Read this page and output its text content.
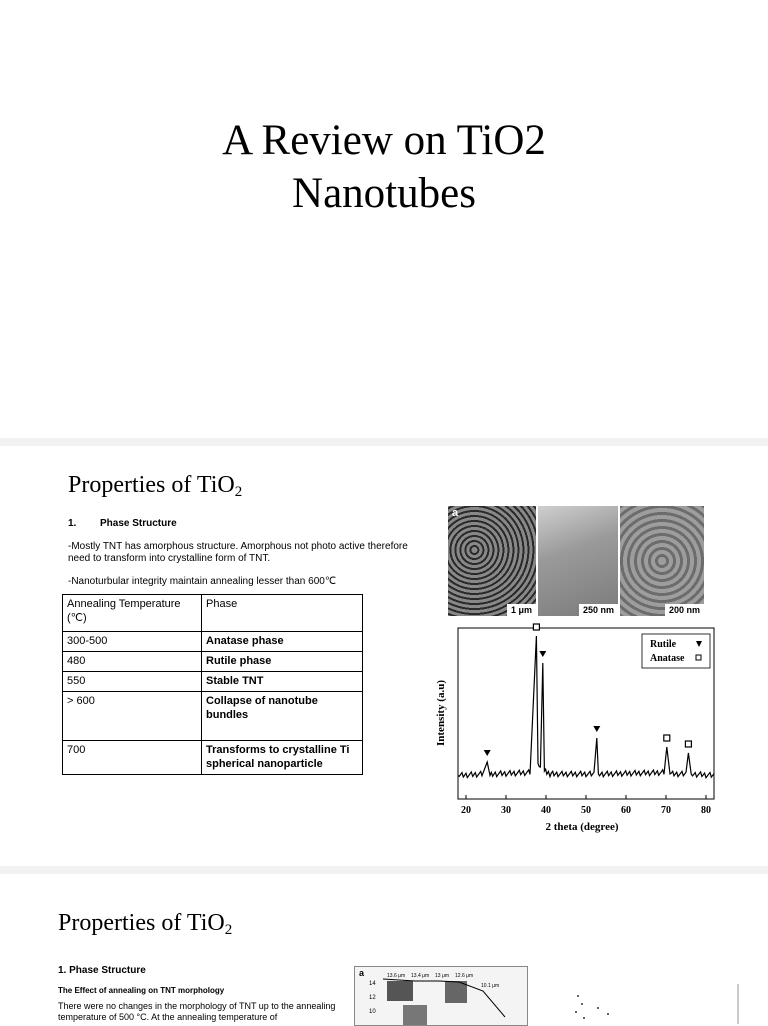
A Review on TiO2
Nanotubes
Properties of TiO$_2$
1. Phase Structure
-Mostly TNT has amorphous structure. Amorphous not photo active therefore need to transform into crystalline form of TNT.
-Nanoturbular integrity maintain annealing lesser than 600℃
Annealing Temperature (℃)	Phase
300-500	Anatase phase
480	Rutile phase
550	Stable TNT
> 600	Collapse of nanotube bundles
700	Transforms to crystalline Ti spherical nanoparticle
a
1 μm	250 nm	200 nm
20	30	40	50	60	70	80
2 theta (degree)
Intensity (a.u)
Rutile
Anatase
Properties of TiO$_2$
1. Phase Structure
The Effect of annealing on TNT morphology
There were no changes in the morphology of TNT up to the annealing temperature of 500 °C. At the annealing temperature of
a
14
12
10
13.6 μm 13.4 μm 13 μm 12.6 μm
10.1 μm
